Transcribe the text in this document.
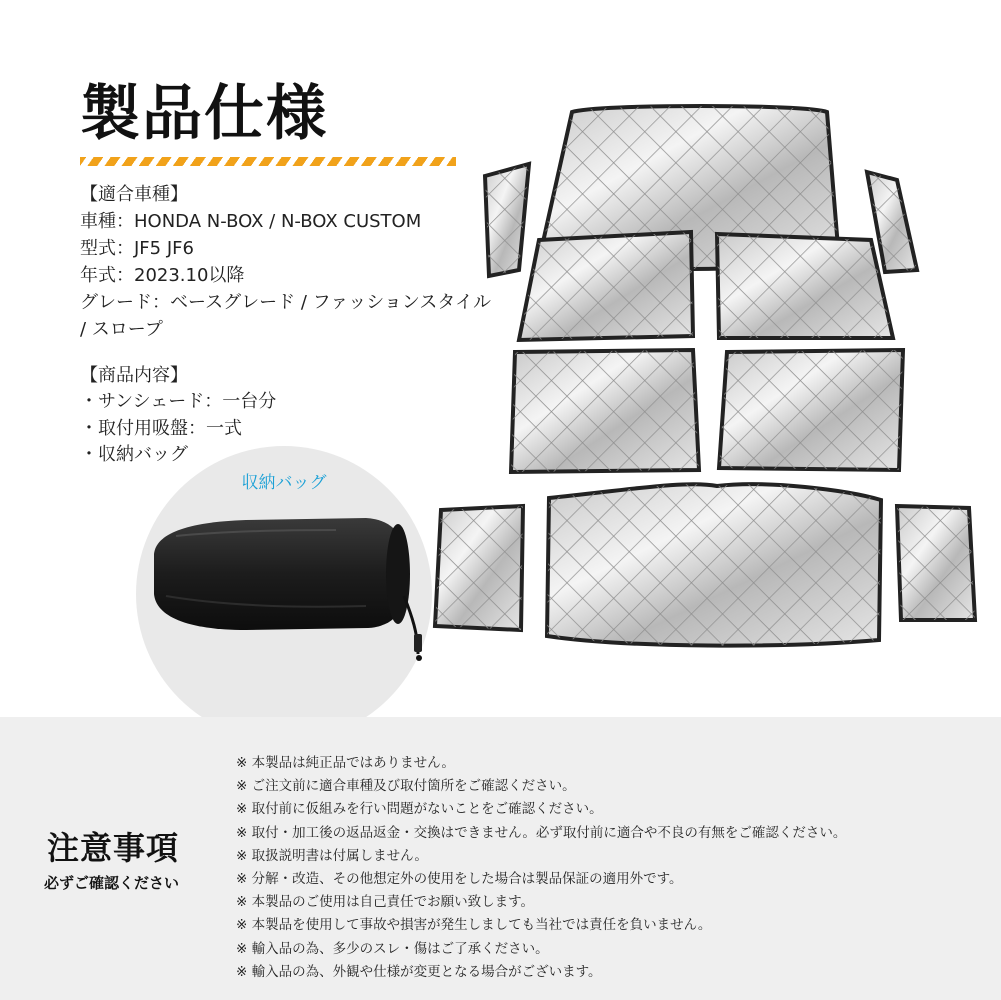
製品仕様
【適合車種】
車種：HONDA N-BOX / N-BOX CUSTOM
型式：JF5 JF6
年式：2023.10以降
グレード：ベースグレード / ファッションスタイル
/ スロープ
【商品内容】
・サンシェード：一台分
・取付用吸盤：一式
・収納バッグ
収納バッグ
注意事項
必ずご確認ください
※ 本製品は純正品ではありません。
※ ご注文前に適合車種及び取付箇所をご確認ください。
※ 取付前に仮組みを行い問題がないことをご確認ください。
※ 取付・加工後の返品返金・交換はできません。必ず取付前に適合や不良の有無をご確認ください。
※ 取扱説明書は付属しません。
※ 分解・改造、その他想定外の使用をした場合は製品保証の適用外です。
※ 本製品のご使用は自己責任でお願い致します。
※ 本製品を使用して事故や損害が発生しましても当社では責任を負いません。
※ 輸入品の為、多少のスレ・傷はご了承ください。
※ 輸入品の為、外観や仕様が変更となる場合がございます。
